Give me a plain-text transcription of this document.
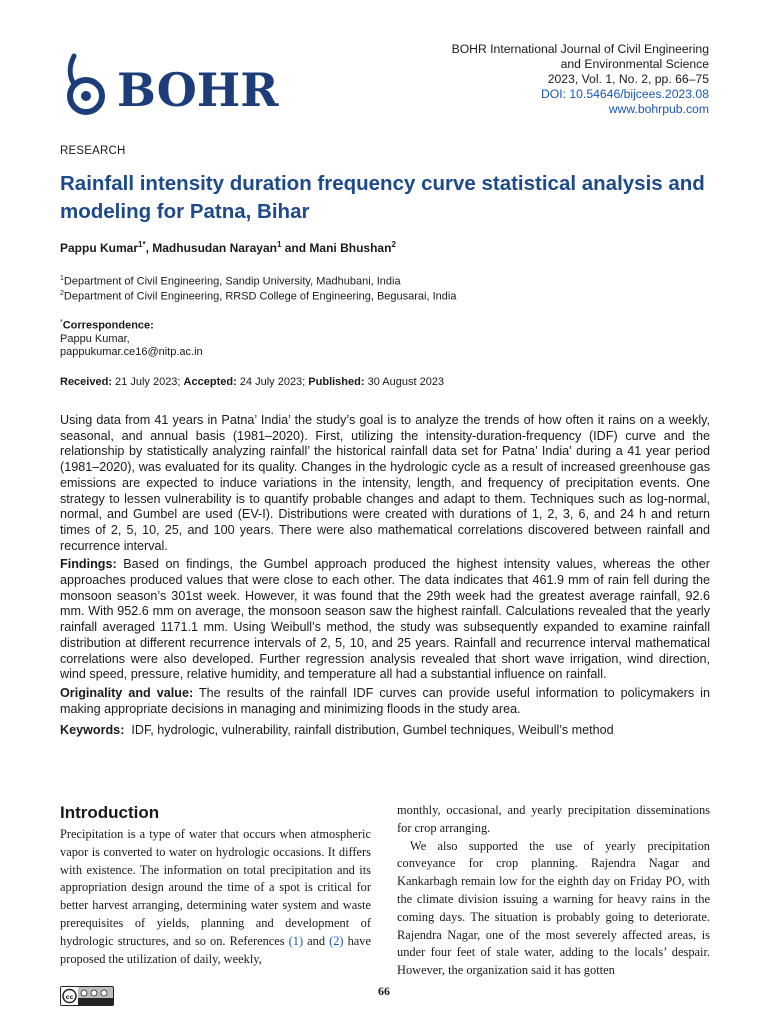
BOHR
BOHR International Journal of Civil Engineering
and Environmental Science
2023, Vol. 1, No. 2, pp. 66–75
DOI: 10.54646/bijcees.2023.08
www.bohrpub.com
RESEARCH
Rainfall intensity duration frequency curve statistical analysis and modeling for Patna, Bihar
Pappu Kumar$^{1*}$, Madhusudan Narayan$^1$ and Mani Bhushan$^2$
$^1$Department of Civil Engineering, Sandip University, Madhubani, India
$^2$Department of Civil Engineering, RRSD College of Engineering, Begusarai, India
*Correspondence:
Pappu Kumar,
pappukumar.ce16@nitp.ac.in
Received: 21 July 2023; Accepted: 24 July 2023; Published: 30 August 2023

Using data from 41 years in Patna’ India’ the study’s goal is to analyze the trends of how often it rains on a weekly, seasonal, and annual basis (1981–2020). First, utilizing the intensity-duration-frequency (IDF) curve and the relationship by statistically analyzing rainfall’ the historical rainfall data set for Patna’ India’ during a 41 year period (1981–2020), was evaluated for its quality. Changes in the hydrologic cycle as a result of increased greenhouse gas emissions are expected to induce variations in the intensity, length, and frequency of precipitation events. One strategy to lessen vulnerability is to quantify probable changes and adapt to them. Techniques such as log-normal, normal, and Gumbel are used (EV-I). Distributions were created with durations of 1, 2, 3, 6, and 24 h and return times of 2, 5, 10, 25, and 100 years. There were also mathematical correlations discovered between rainfall and recurrence interval.

Findings: Based on findings, the Gumbel approach produced the highest intensity values, whereas the other approaches produced values that were close to each other. The data indicates that 461.9 mm of rain fell during the monsoon season’s 301st week. However, it was found that the 29th week had the greatest average rainfall, 92.6 mm. With 952.6 mm on average, the monsoon season saw the highest rainfall. Calculations revealed that the yearly rainfall averaged 1171.1 mm. Using Weibull’s method, the study was subsequently expanded to examine rainfall distribution at different recurrence intervals of 2, 5, 10, and 25 years. Rainfall and recurrence interval mathematical correlations were also developed. Further regression analysis revealed that short wave irrigation, wind direction, wind speed, pressure, relative humidity, and temperature all had a substantial influence on rainfall.

Originality and value: The results of the rainfall IDF curves can provide useful information to policymakers in making appropriate decisions in managing and minimizing floods in the study area.

Keywords: IDF, hydrologic, vulnerability, rainfall distribution, Gumbel techniques, Weibull’s method

Introduction

Precipitation is a type of water that occurs when atmospheric vapor is converted to water on hydrologic occasions. It differs with existence. The information on total precipitation and its appropriation design around the time of a spot is critical for better harvest arranging, determining water system and waste prerequisites of yields, planning and development of hydrologic structures, and so on. References (1) and (2) have proposed the utilization of daily, weekly,

monthly, occasional, and yearly precipitation disseminations for crop arranging.

We also supported the use of yearly precipitation conveyance for crop planning. Rajendra Nagar and Kankarbagh remain low for the eighth day on Friday PO, with the climate division issuing a warning for heavy rains in the coming days. The situation is probably going to deteriorate. Rajendra Nagar, one of the most severely affected areas, is under four feet of stale water, adding to the locals’ despair. However, the organization said it has gotten

cc	66
